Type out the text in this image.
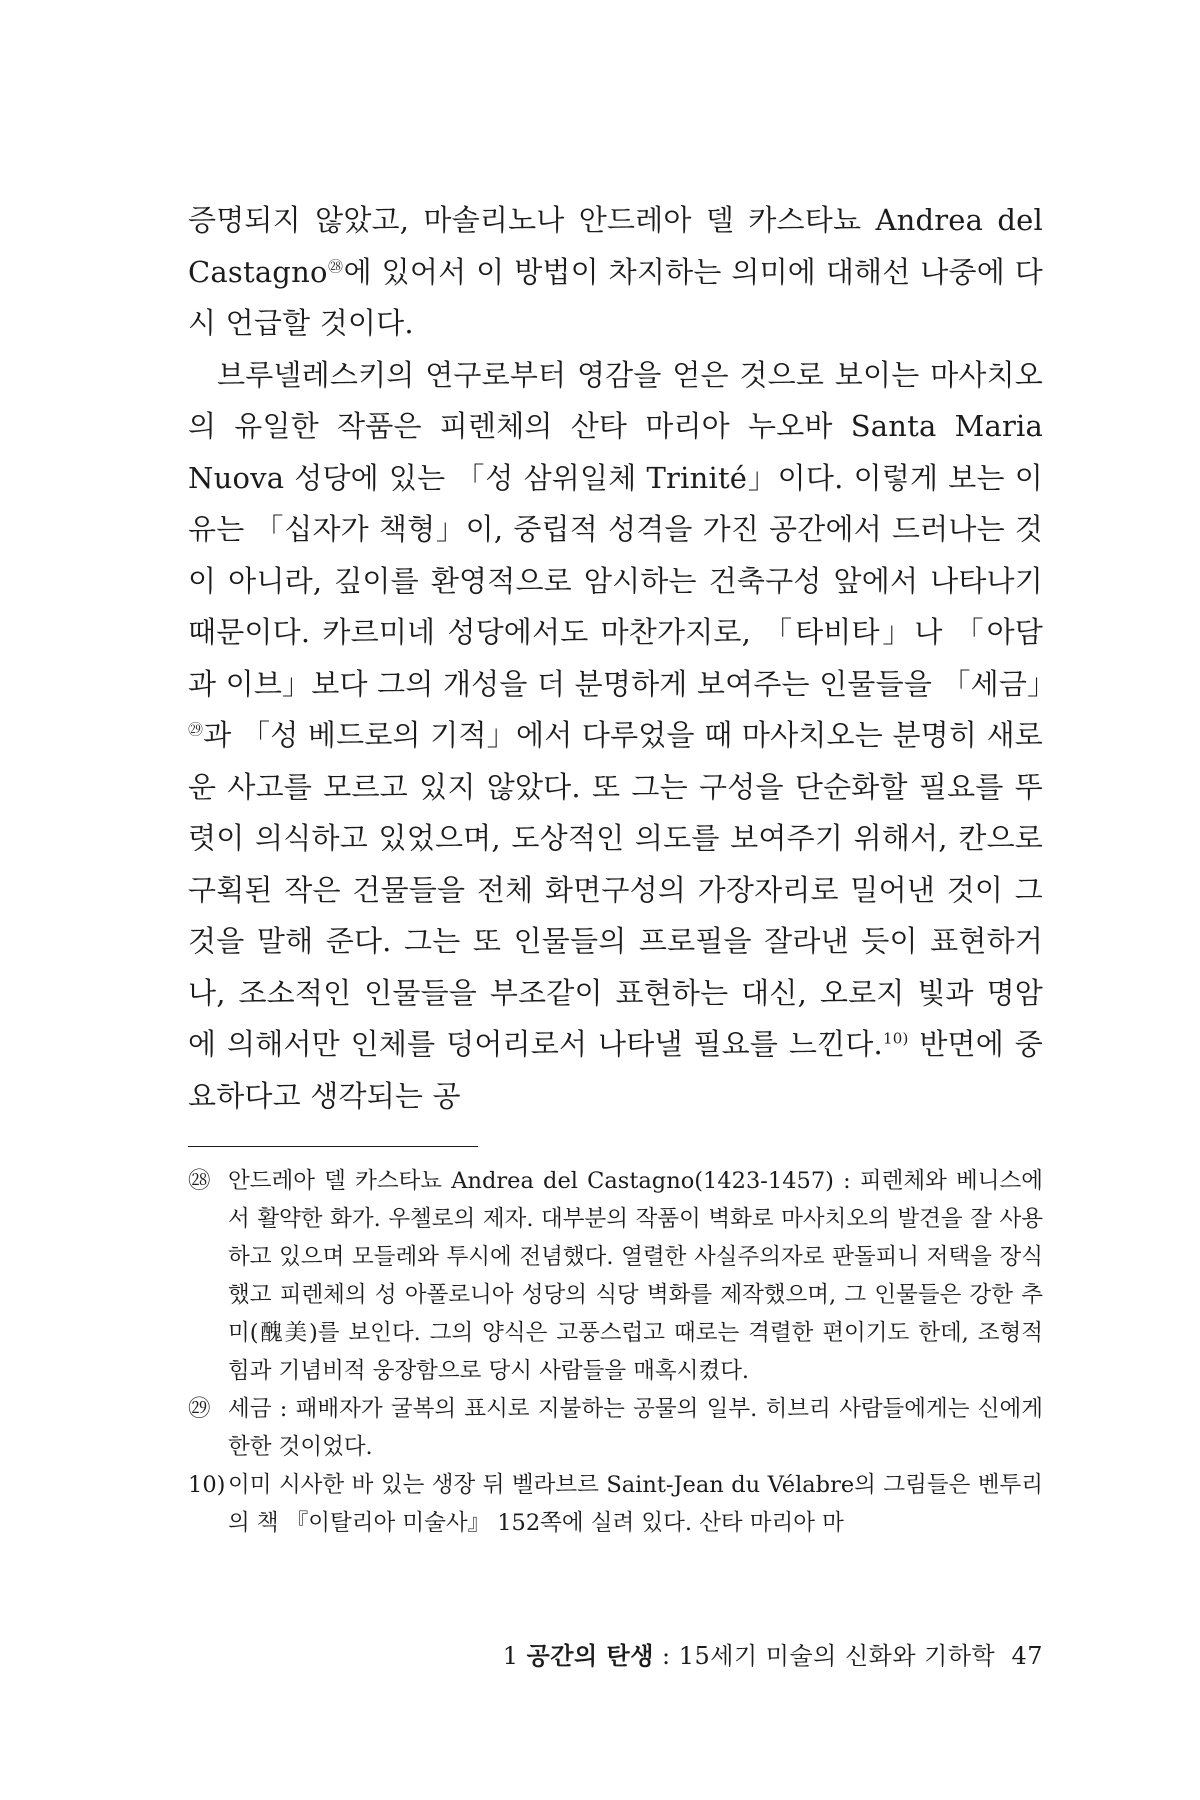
증명되지 않았고, 마솔리노나 안드레아 델 카스타뇨 Andrea del Castagno$^㉘$에 있어서 이 방법이 차지하는 의미에 대해선 나중에 다시 언급할 것이다.

브루넬레스키의 연구로부터 영감을 얻은 것으로 보이는 마사치오의 유일한 작품은 피렌체의 산타 마리아 누오바 Santa Maria Nuova 성당에 있는 「성 삼위일체 Trinité」이다. 이렇게 보는 이유는 「십자가 책형」이, 중립적 성격을 가진 공간에서 드러나는 것이 아니라, 깊이를 환영적으로 암시하는 건축구성 앞에서 나타나기 때문이다. 카르미네 성당에서도 마찬가지로, 「타비타」나 「아담과 이브」보다 그의 개성을 더 분명하게 보여주는 인물들을 「세금」$^㉙$과 「성 베드로의 기적」에서 다루었을 때 마사치오는 분명히 새로운 사고를 모르고 있지 않았다. 또 그는 구성을 단순화할 필요를 뚜렷이 의식하고 있었으며, 도상적인 의도를 보여주기 위해서, 칸으로 구획된 작은 건물들을 전체 화면구성의 가장자리로 밀어낸 것이 그것을 말해 준다. 그는 또 인물들의 프로필을 잘라낸 듯이 표현하거나, 조소적인 인물들을 부조같이 표현하는 대신, 오로지 빛과 명암에 의해서만 인체를 덩어리로서 나타낼 필요를 느낀다.$^{10)}$ 반면에 중요하다고 생각되는 공

㉘ 안드레아 델 카스타뇨 Andrea del Castagno(1423-1457) : 피렌체와 베니스에서 활약한 화가. 우첼로의 제자. 대부분의 작품이 벽화로 마사치오의 발견을 잘 사용하고 있으며 모들레와 투시에 전념했다. 열렬한 사실주의자로 판돌피니 저택을 장식했고 피렌체의 성 아폴로니아 성당의 식당 벽화를 제작했으며, 그 인물들은 강한 추미(醜美)를 보인다. 그의 양식은 고풍스럽고 때로는 격렬한 편이기도 한데, 조형적 힘과 기념비적 웅장함으로 당시 사람들을 매혹시켰다.
㉙ 세금 : 패배자가 굴복의 표시로 지불하는 공물의 일부. 히브리 사람들에게는 신에게 한한 것이었다.
10) 이미 시사한 바 있는 생장 뒤 벨라브르 Saint-Jean du Vélabre의 그림들은 벤투리의 책 『이탈리아 미술사』 152쪽에 실려 있다. 산타 마리아 마
1 공간의 탄생 : 15세기 미술의 신화와 기하학 47
